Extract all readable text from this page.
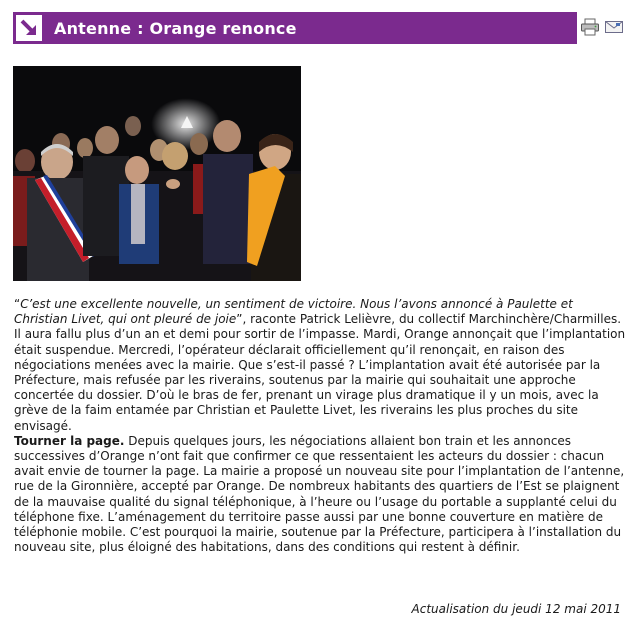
Antenne : Orange renonce

“C’est une excellente nouvelle, un sentiment de victoire. Nous l’avons annoncé à Paulette et Christian Livet, qui ont pleuré de joie”, raconte Patrick Lelièvre, du collectif Marchinchère/Charmilles. Il aura fallu plus d’un an et demi pour sortir de l’impasse. Mardi, Orange annonçait que l’implantation était suspendue. Mercredi, l’opérateur déclarait officiellement qu’il renonçait, en raison des négociations menées avec la mairie. Que s’est-il passé ? L’implantation avait été autorisée par la Préfecture, mais refusée par les riverains, soutenus par la mairie qui souhaitait une approche concertée du dossier. D’où le bras de fer, prenant un virage plus dramatique il y un mois, avec la grève de la faim entamée par Christian et Paulette Livet, les riverains les plus proches du site envisagé.

Tourner la page. Depuis quelques jours, les négociations allaient bon train et les annonces successives d’Orange n’ont fait que confirmer ce que ressentaient les acteurs du dossier : chacun avait envie de tourner la page. La mairie a proposé un nouveau site pour l’implantation de l’antenne, rue de la Gironnière, accepté par Orange. De nombreux habitants des quartiers de l’Est se plaignent de la mauvaise qualité du signal téléphonique, à l’heure ou l’usage du portable a supplanté celui du téléphone fixe. L’aménagement du territoire passe aussi par une bonne couverture en matière de téléphonie mobile. C’est pourquoi la mairie, soutenue par la Préfecture, participera à l’installation du nouveau site, plus éloigné des habitations, dans des conditions qui restent à définir.

Actualisation du jeudi 12 mai 2011
